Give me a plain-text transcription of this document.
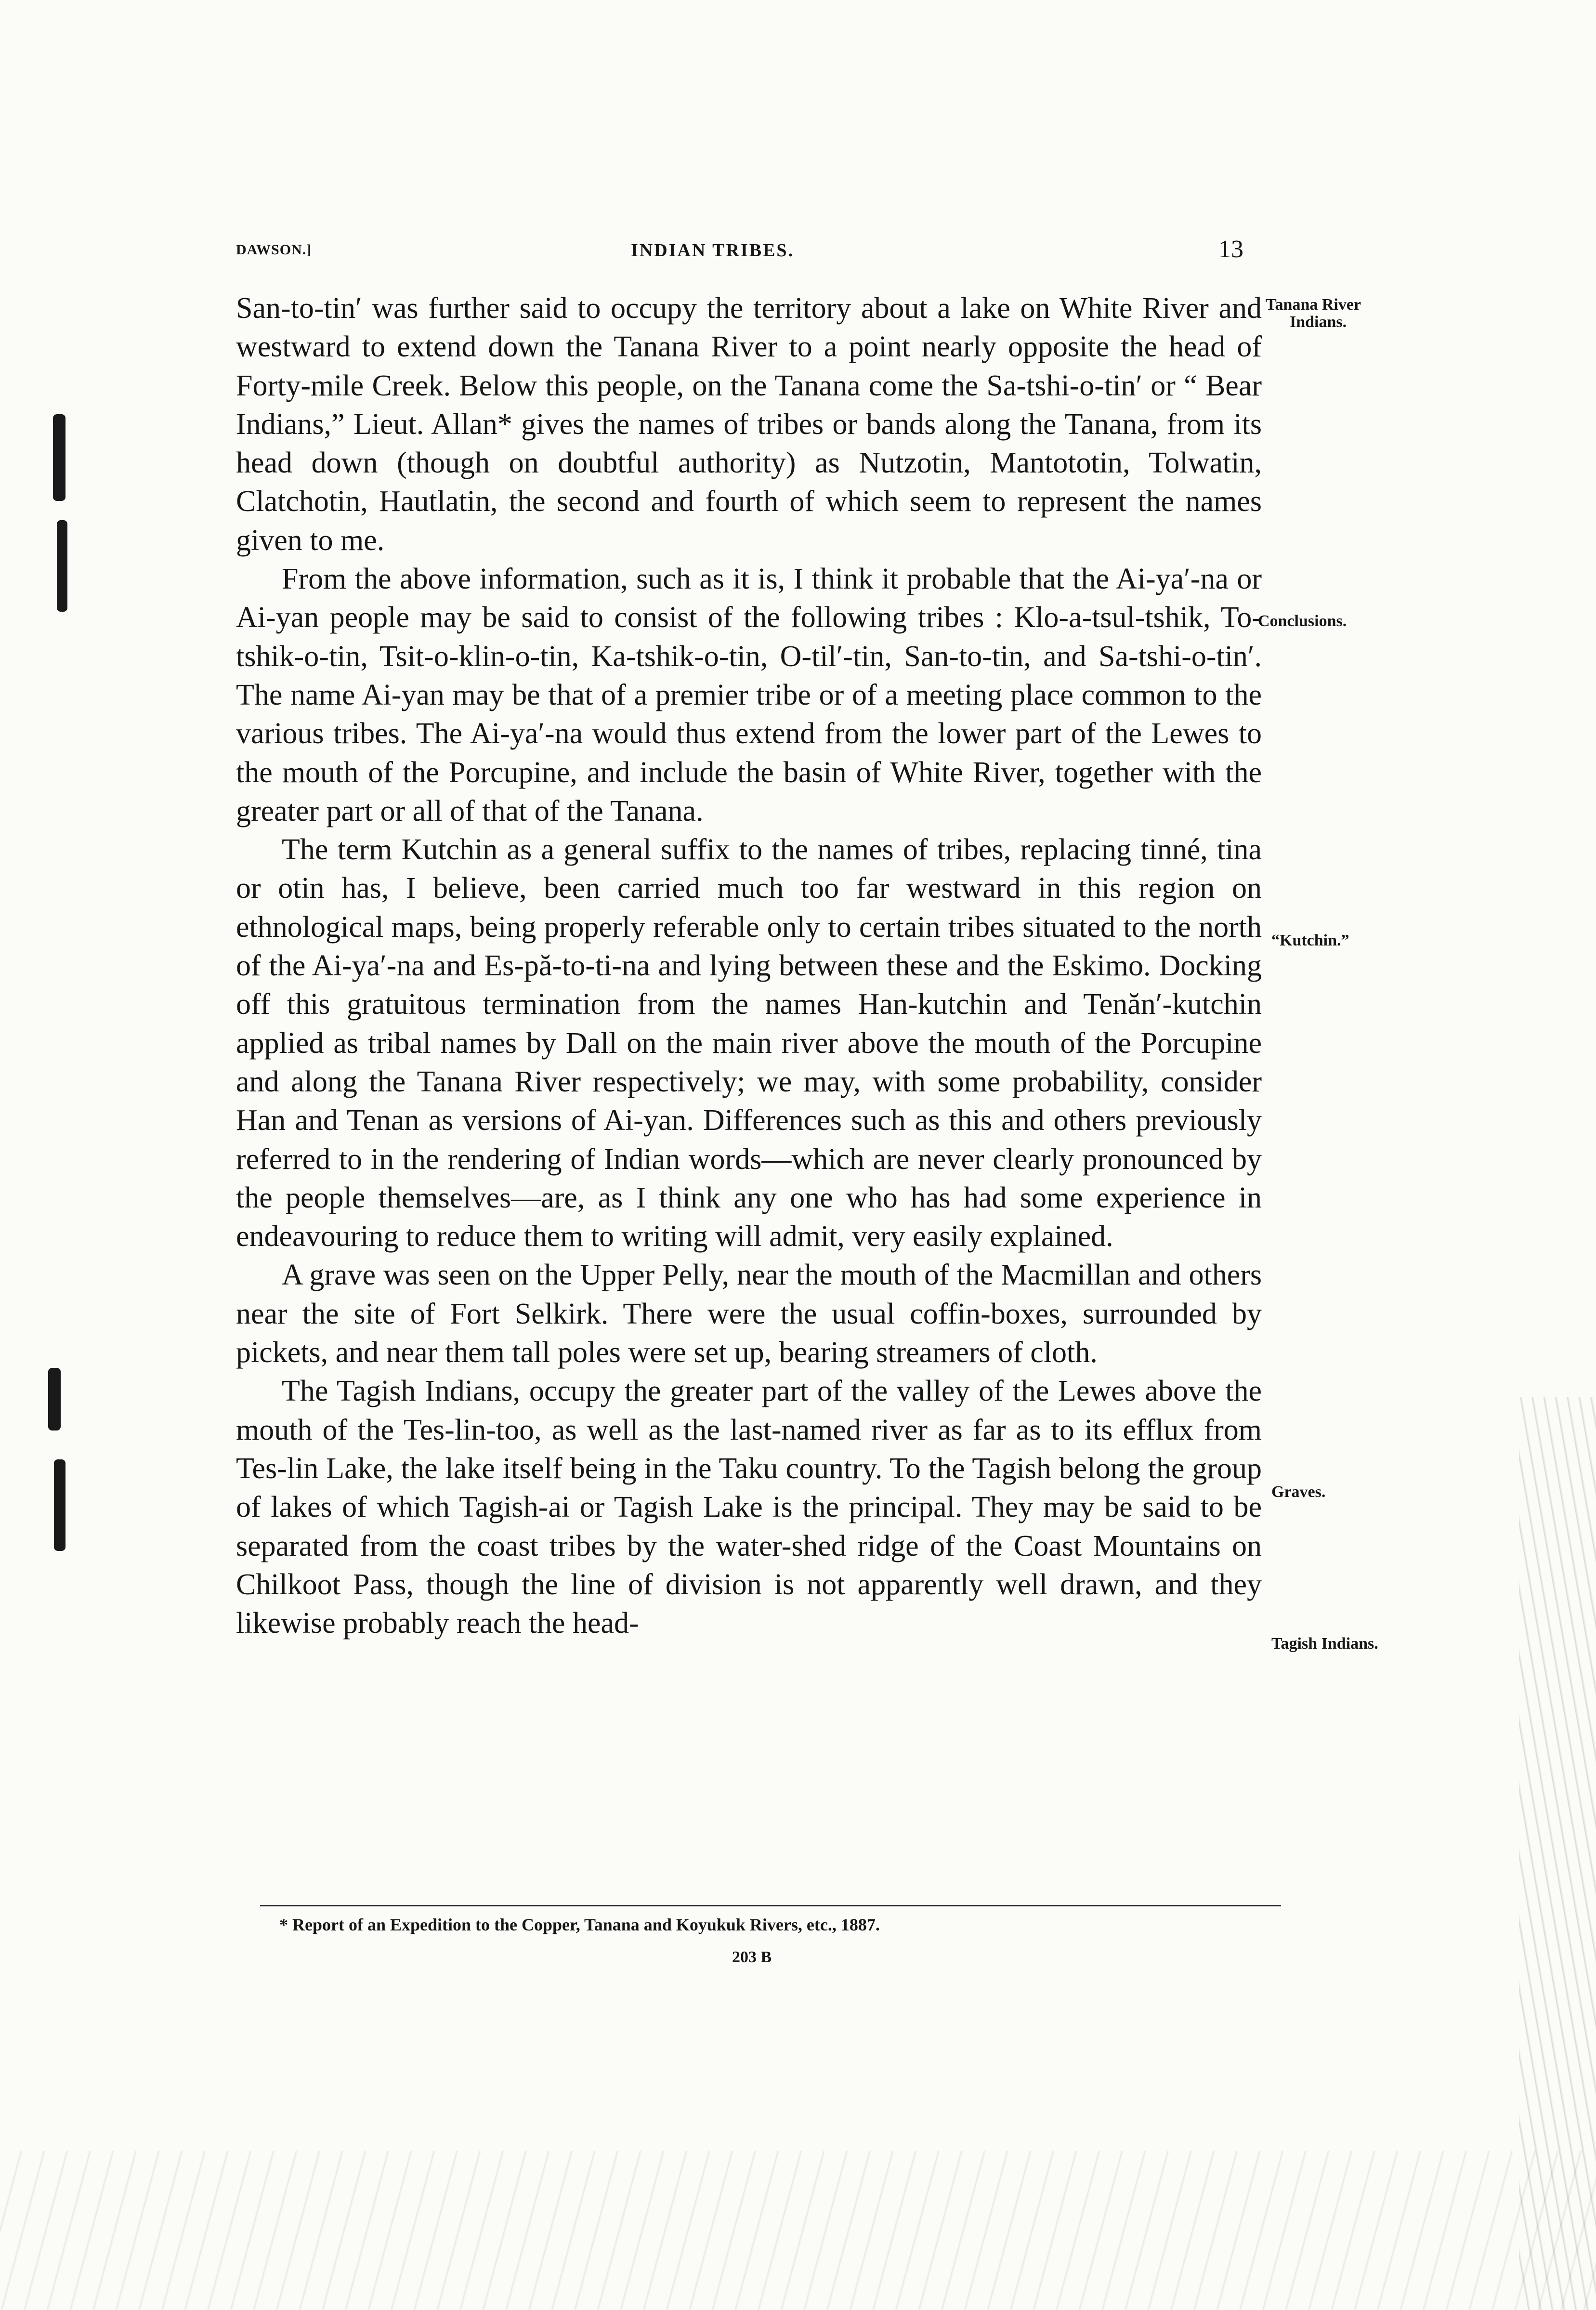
DAWSON.]	INDIAN TRIBES.	13

San-to-tin′ was further said to occupy the territory about a lake on White River and westward to extend down the Tanana River to a point nearly opposite the head of Forty-mile Creek. Below this people, on the Tanana come the Sa-tshi-o-tin′ or “ Bear Indians,” Lieut. Allan* gives the names of tribes or bands along the Tanana, from its head down (though on doubtful authority) as Nutzotin, Mantototin, Tolwatin, Clatchotin, Hautlatin, the second and fourth of which seem to represent the names given to me.

From the above information, such as it is, I think it probable that the Ai-ya′-na or Ai-yan people may be said to consist of the following tribes : Klo-a-tsul-tshik, To-tshik-o-tin, Tsit-o-klin-o-tin, Ka-tshik-o-tin, O-til′-tin, San-to-tin, and Sa-tshi-o-tin′. The name Ai-yan may be that of a premier tribe or of a meeting place common to the various tribes. The Ai-ya′-na would thus extend from the lower part of the Lewes to the mouth of the Porcupine, and include the basin of White River, together with the greater part or all of that of the Tanana.

The term Kutchin as a general suffix to the names of tribes, replacing tinné, tina or otin has, I believe, been carried much too far westward in this region on ethnological maps, being properly referable only to certain tribes situated to the north of the Ai-ya′-na and Es-pă-to-ti-na and lying between these and the Eskimo. Docking off this gratuitous termination from the names Han-kutchin and Tenăn′-kutchin applied as tribal names by Dall on the main river above the mouth of the Porcupine and along the Tanana River respectively; we may, with some probability, consider Han and Tenan as versions of Ai-yan. Differences such as this and others previously referred to in the rendering of Indian words—which are never clearly pronounced by the people themselves—are, as I think any one who has had some experience in endeavouring to reduce them to writing will admit, very easily explained.

A grave was seen on the Upper Pelly, near the mouth of the Macmillan and others near the site of Fort Selkirk. There were the usual coffin-boxes, surrounded by pickets, and near them tall poles were set up, bearing streamers of cloth.

The Tagish Indians, occupy the greater part of the valley of the Lewes above the mouth of the Tes-lin-too, as well as the last-named river as far as to its efflux from Tes-lin Lake, the lake itself being in the Taku country. To the Tagish belong the group of lakes of which Tagish-ai or Tagish Lake is the principal. They may be said to be separated from the coast tribes by the water-shed ridge of the Coast Mountains on Chilkoot Pass, though the line of division is not apparently well drawn, and they likewise probably reach the head-

Tanana River
Indians.
Conclusions.
“Kutchin.”
Graves.
Tagish Indians.
* Report of an Expedition to the Copper, Tanana and Koyukuk Rivers, etc., 1887.
203 B
